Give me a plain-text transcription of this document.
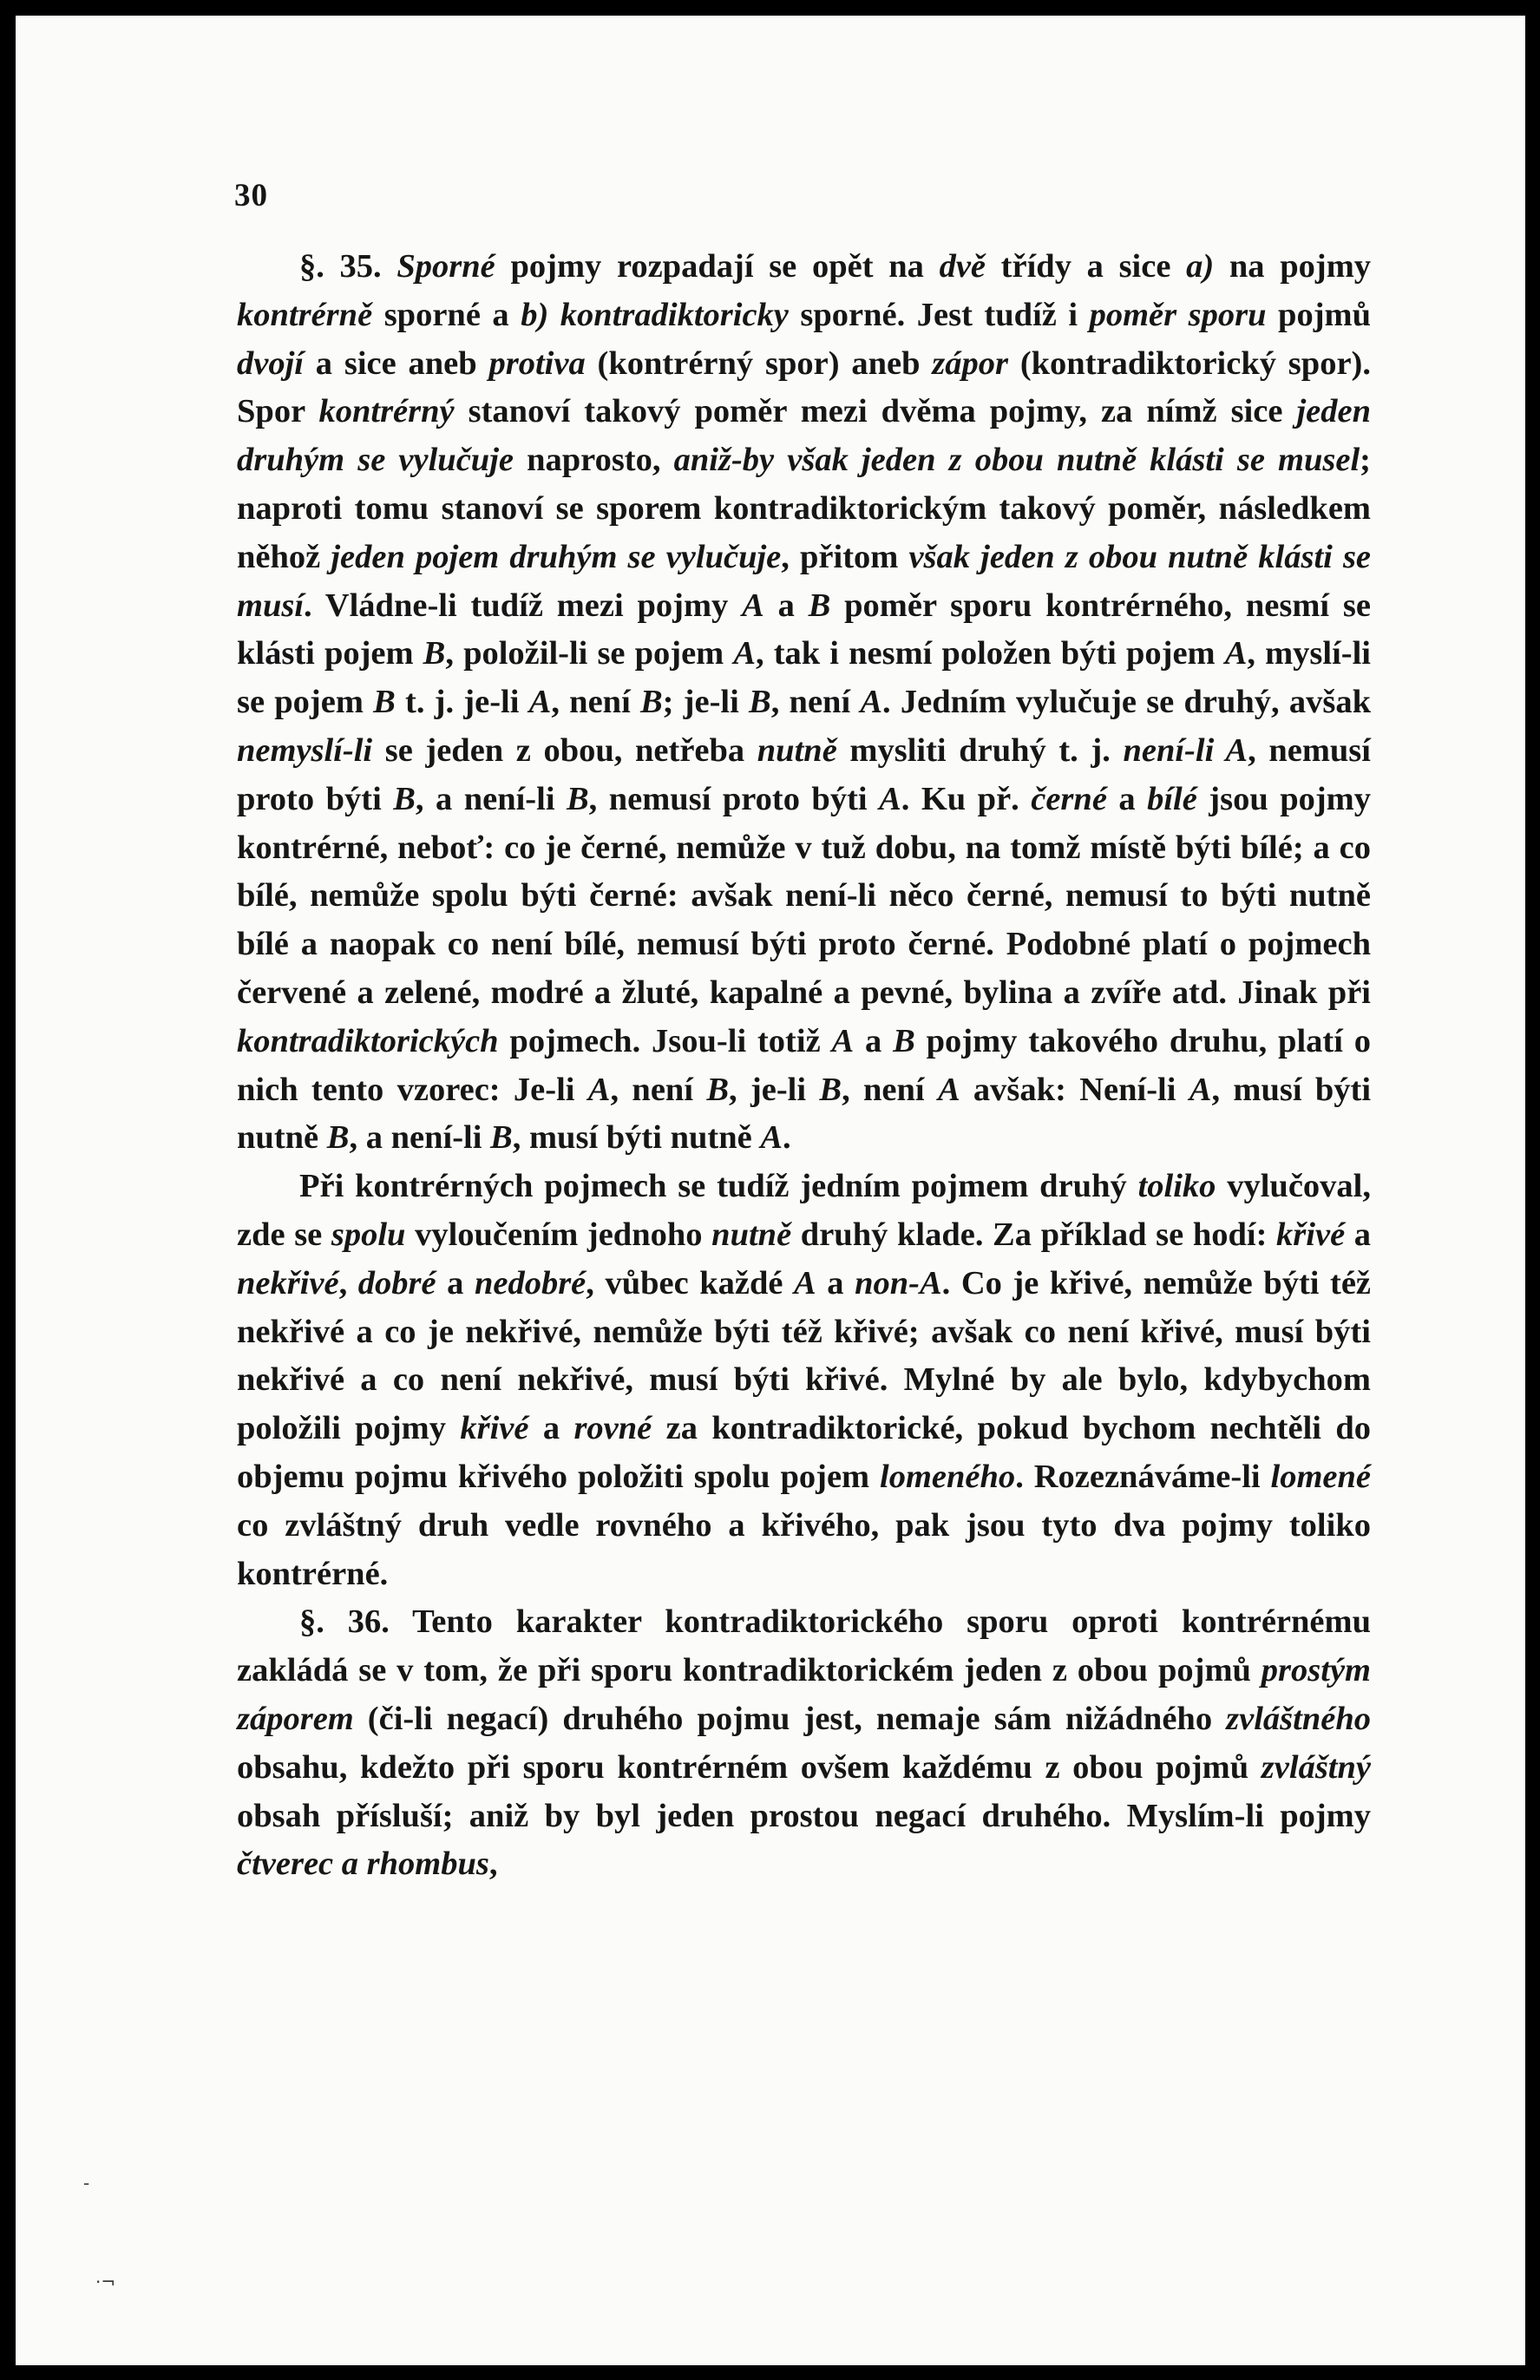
30

§. 35. Sporné pojmy rozpadají se opět na dvě třídy a sice a) na pojmy kontrérně sporné a b) kontradiktoricky sporné. Jest tudíž i poměr sporu pojmů dvojí a sice aneb protiva (kontrérný spor) aneb zápor (kontradiktorický spor). Spor kontrérný stanoví takový poměr mezi dvěma pojmy, za nímž sice jeden druhým se vylučuje naprosto, aniž-by však jeden z obou nutně klásti se musel; naproti tomu stanoví se sporem kontradiktorickým takový poměr, následkem něhož jeden pojem druhým se vylučuje, přitom však jeden z obou nutně klásti se musí. Vládne-li tudíž mezi pojmy A a B poměr sporu kontrérného, nesmí se klásti pojem B, položil-li se pojem A, tak i nesmí položen býti pojem A, myslí-li se pojem B t. j. je-li A, není B; je-li B, není A. Jedním vylučuje se druhý, avšak nemyslí-li se jeden z obou, netřeba nutně mysliti druhý t. j. není-li A, nemusí proto býti B, a není-li B, nemusí proto býti A. Ku př. černé a bílé jsou pojmy kontrérné, neboť: co je černé, nemůže v tuž dobu, na tomž místě býti bílé; a co bílé, nemůže spolu býti černé: avšak není-li něco černé, nemusí to býti nutně bílé a naopak co není bílé, nemusí býti proto černé. Podobné platí o pojmech červené a zelené, modré a žluté, kapalné a pevné, bylina a zvíře atd. Jinak při kontradiktorických pojmech. Jsou-li totiž A a B pojmy takového druhu, platí o nich tento vzorec: Je-li A, není B, je-li B, není A avšak: Není-li A, musí býti nutně B, a není-li B, musí býti nutně A.

Při kontrérných pojmech se tudíž jedním pojmem druhý toliko vylučoval, zde se spolu vyloučením jednoho nutně druhý klade. Za příklad se hodí: křivé a nekřivé, dobré a nedobré, vůbec každé A a non-A. Co je křivé, nemůže býti též nekřivé a co je nekřivé, nemůže býti též křivé; avšak co není křivé, musí býti nekřivé a co není nekřivé, musí býti křivé. Mylné by ale bylo, kdybychom položili pojmy křivé a rovné za kontradiktorické, pokud bychom nechtěli do objemu pojmu křivého položiti spolu pojem lomeného. Rozeznáváme-li lomené co zvláštný druh vedle rovného a křivého, pak jsou tyto dva pojmy toliko kontrérné.

§. 36. Tento karakter kontradiktorického sporu oproti kontrérnému zakládá se v tom, že při sporu kontradiktorickém jeden z obou pojmů prostým záporem (či-li negací) druhého pojmu jest, nemaje sám nižádného zvláštného obsahu, kdežto při sporu kontrérném ovšem každému z obou pojmů zvláštný obsah přísluší; aniž by byl jeden prostou negací druhého. Myslím-li pojmy čtverec a rhombus,

-
·¬
